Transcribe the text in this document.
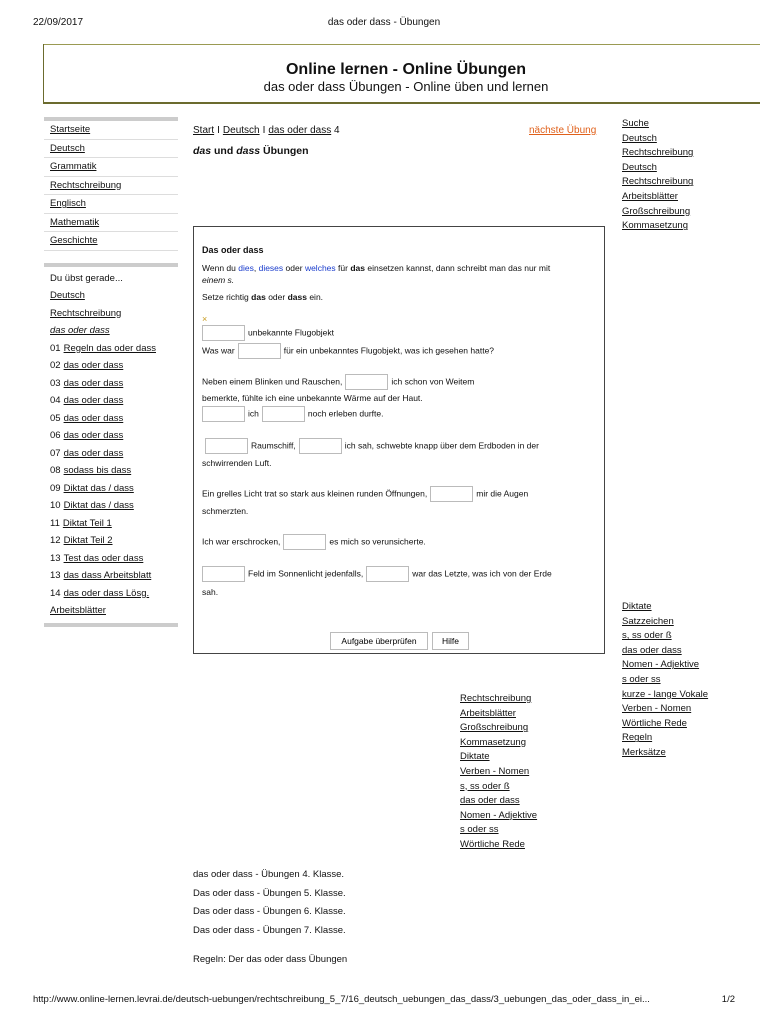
22/09/2017	das oder dass - Übungen
Online lernen - Online Übungen
das oder dass Übungen - Online üben und lernen
Startseite
Deutsch
Grammatik
Rechtschreibung
Englisch
Mathematik
Geschichte
Du übst gerade...
Deutsch
Rechtschreibung
das oder dass
01 Regeln das oder dass
02 das oder dass
03 das oder dass
04 das oder dass
05 das oder dass
06 das oder dass
07 das oder dass
08 sodass bis dass
09 Diktat das / dass
10 Diktat das / dass
11 Diktat Teil 1
12 Diktat Teil 2
13 Test das oder dass
13 das dass Arbeitsblatt
14 das oder dass Lösg.
Arbeitsblätter
Start I Deutsch I das oder dass 4	nächste Übung
das und dass Übungen
Das oder dass
Wenn du dies, dieses oder welches für das einsetzen kannst, dann schreibt man das nur mit
einem s.
Setze richtig das oder dass ein.
×
unbekannte Flugobjekt
Was war	für ein unbekanntes Flugobjekt, was ich gesehen hatte?
Neben einem Blinken und Rauschen,	ich schon von Weitem
bemerkte, fühlte ich eine unbekannte Wärme auf der Haut.
ich	noch erleben durfte.
Raumschiff,	ich sah, schwebte knapp über dem Erdboden in der
schwirrenden Luft.
Ein grelles Licht trat so stark aus kleinen runden Öffnungen,	mir die Augen
schmerzten.
Ich war erschrocken,	es mich so verunsicherte.
Feld im Sonnenlicht jedenfalls,	war das Letzte, was ich von der Erde
sah.
Aufgabe überprüfen	Hilfe
Suche
Deutsch
Rechtschreibung
Deutsch
Rechtschreibung
Arbeitsblätter
Großschreibung
Kommasetzung
Diktate
Satzzeichen
s, ss oder ß
das oder dass
Nomen - Adjektive
s oder ss
kurze - lange Vokale
Verben - Nomen
Wörtliche Rede
Regeln
Merksätze
Rechtschreibung
Arbeitsblätter
Großschreibung
Kommasetzung
Diktate
Verben - Nomen
s, ss oder ß
das oder dass
Nomen - Adjektive
s oder ss
Wörtliche Rede
das oder dass - Übungen 4. Klasse.
Das oder dass - Übungen 5. Klasse.
Das oder dass - Übungen 6. Klasse.
Das oder dass - Übungen 7. Klasse.
Regeln: Der das oder dass Übungen
http://www.online-lernen.levrai.de/deutsch-uebungen/rechtschreibung_5_7/16_deutsch_uebungen_das_dass/3_uebungen_das_oder_dass_in_ei...	1/2
